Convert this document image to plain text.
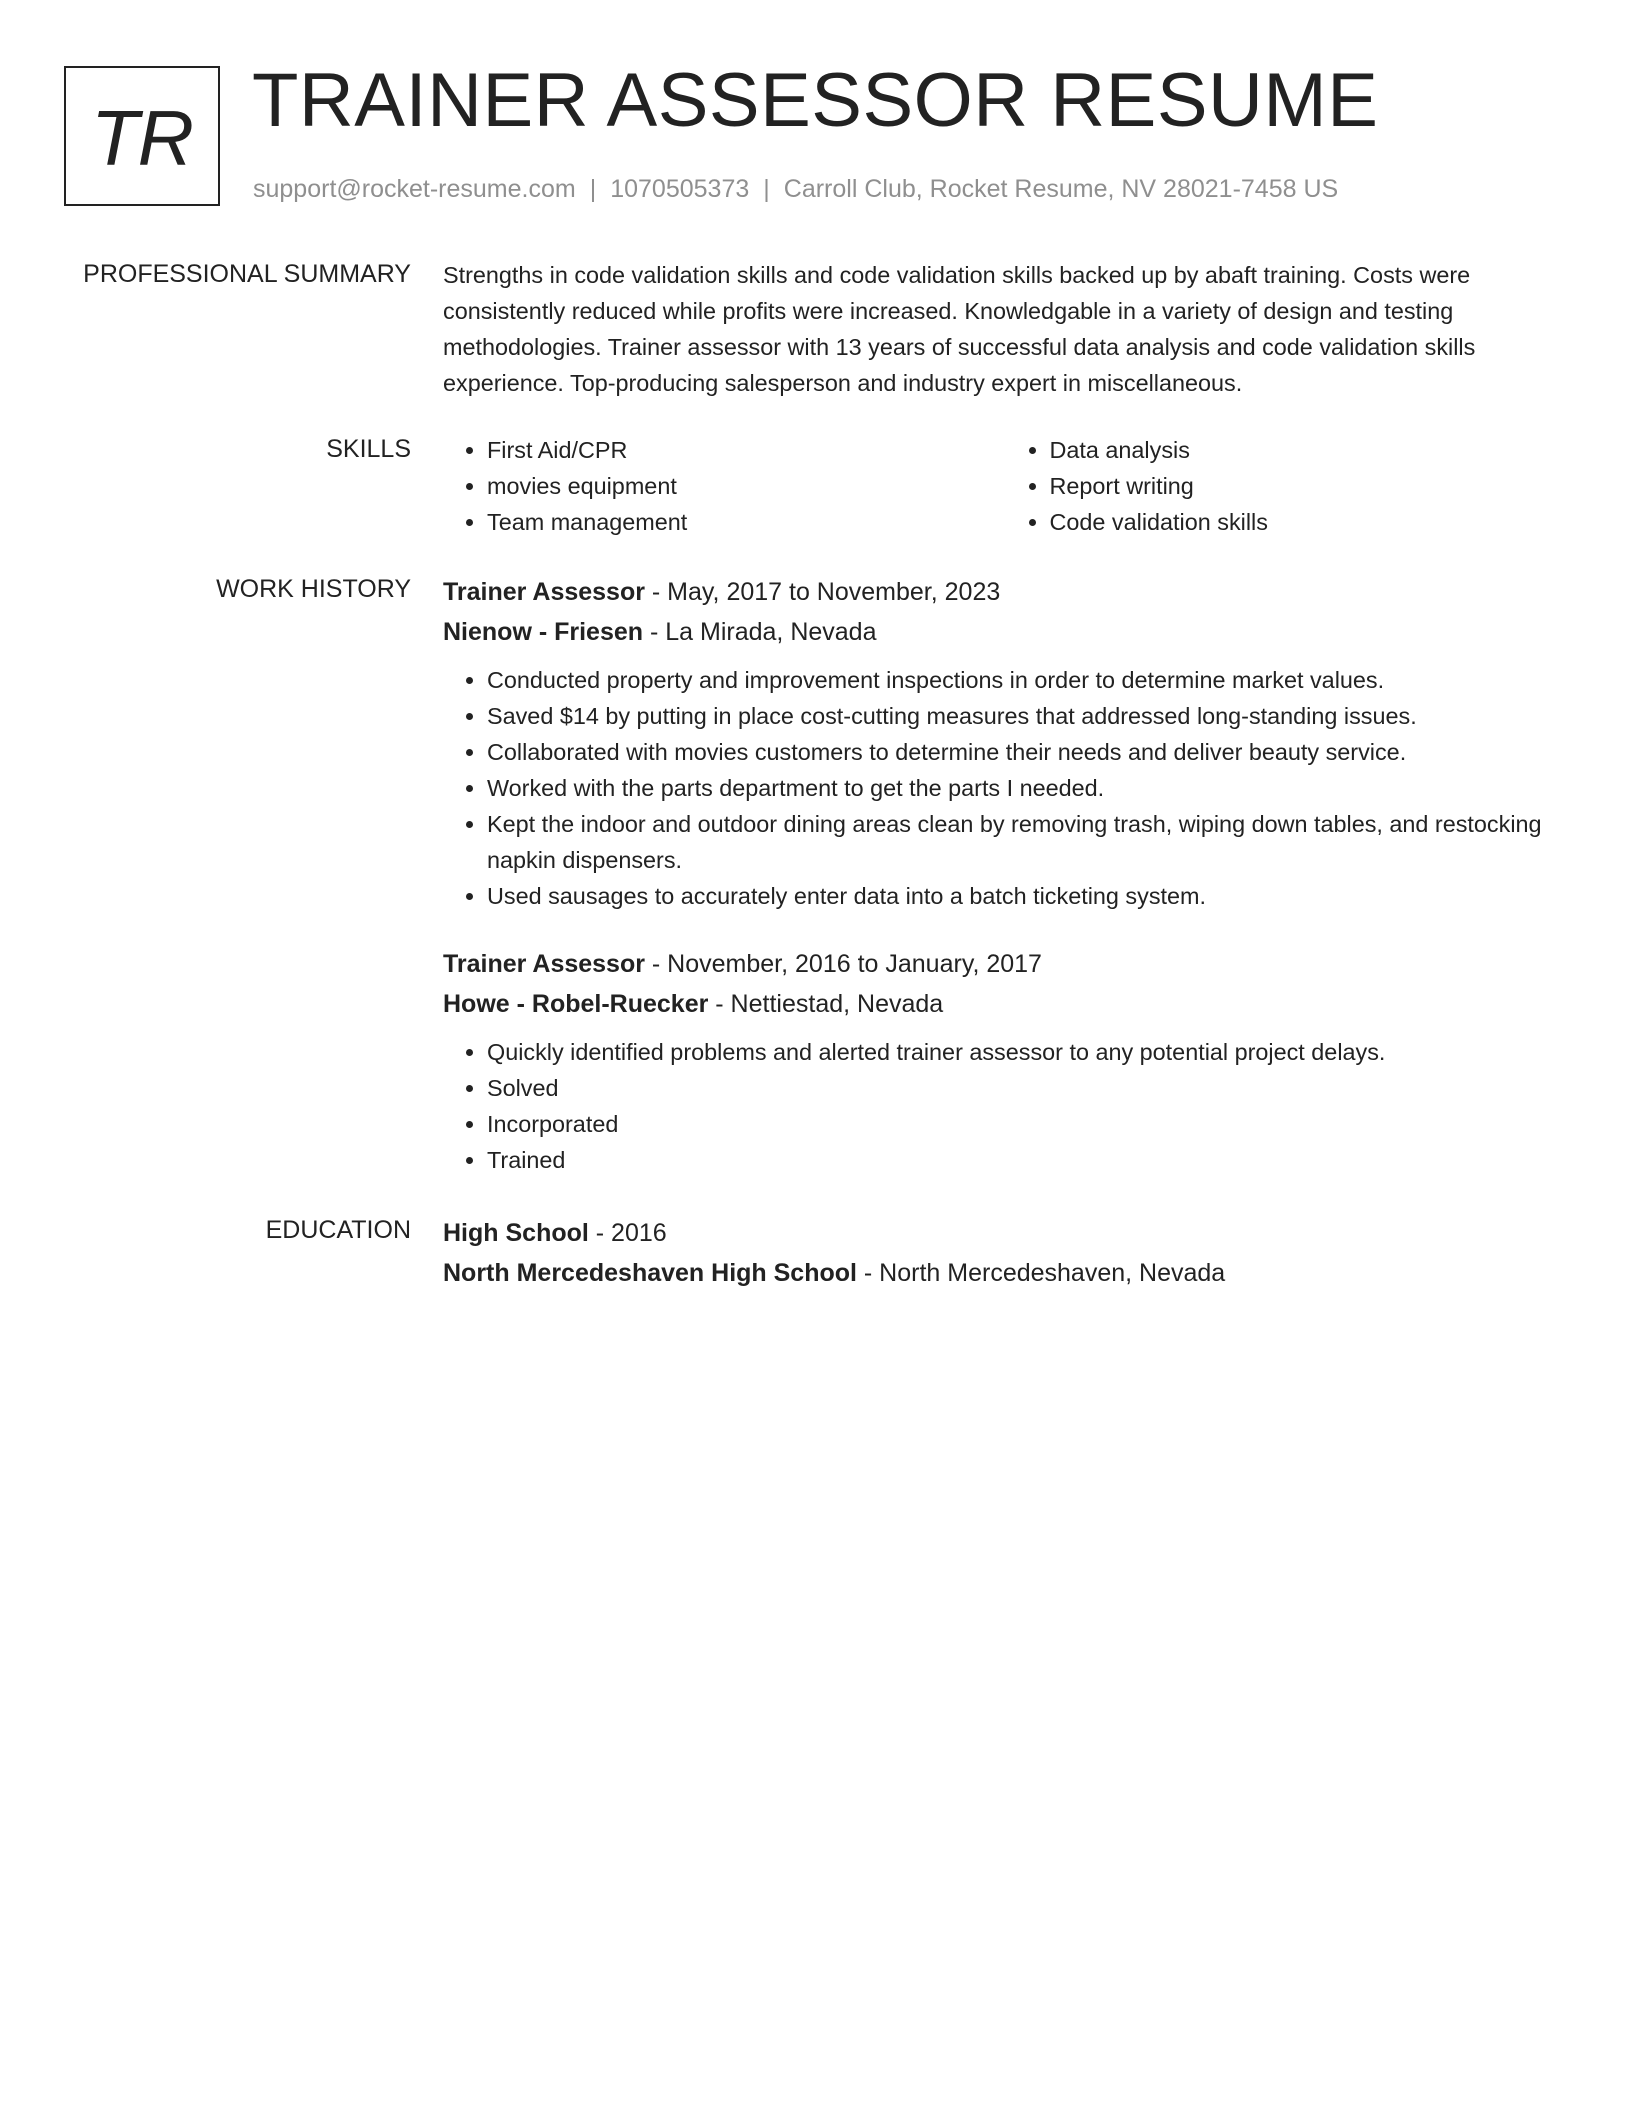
TR TRAINER ASSESSOR RESUME
support@rocket-resume.com | 1070505373 | Carroll Club, Rocket Resume, NV 28021-7458 US
PROFESSIONAL SUMMARY Strengths in code validation skills and code validation skills backed up by abaft training. Costs were consistently reduced while profits were increased. Knowledgable in a variety of design and testing methodologies. Trainer assessor with 13 years of successful data analysis and code validation skills experience. Top-producing salesperson and industry expert in miscellaneous.
SKILLS
•	First Aid/CPR
• movies equipment
• Team management
• Data analysis
• Report writing
• Code validation skills
WORK HISTORY Trainer Assessor - May, 2017 to November, 2023
Nienow - Friesen - La Mirada, Nevada
• Conducted property and improvement inspections in order to determine market values.
• Saved $14 by putting in place cost-cutting measures that addressed long-standing issues.
• Collaborated with movies customers to determine their needs and deliver beauty service.
• Worked with the parts department to get the parts I needed.
• Kept the indoor and outdoor dining areas clean by removing trash, wiping down tables, and restocking napkin dispensers.
• Used sausages to accurately enter data into a batch ticketing system.
Trainer Assessor - November, 2016 to January, 2017
Howe - Robel-Ruecker - Nettiestad, Nevada
• Quickly identified problems and alerted trainer assessor to any potential project delays.
• Solved
• Incorporated
• Trained
EDUCATION High School - 2016
North Mercedeshaven High School - North Mercedeshaven, Nevada
